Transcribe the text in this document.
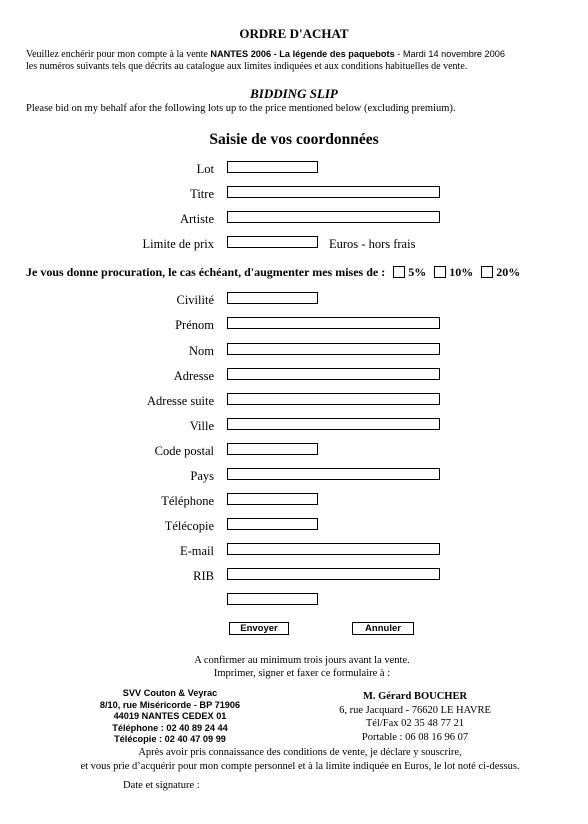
ORDRE D'ACHAT
Veuillez enchérir pour mon compte à la vente NANTES 2006 - La légende des paquebots - Mardi 14 novembre 2006
les numéros suivants tels que décrits au catalogue aux limites indiquées et aux conditions habituelles de vente.
BIDDING SLIP
Please bid on my behalf afor the following lots up to the price mentioned below (excluding premium).
Saisie de vos coordonnées
Lot
Titre
Artiste
Limite de prix	Euros - hors frais
Je vous donne procuration, le cas échéant, d'augmenter mes mises de : 5% 10% 20%
Civilité
Prénom
Nom
Adresse
Adresse suite
Ville
Code postal
Pays
Téléphone
Télécopie
E-mail
RIB
Envoyer	Annuler
A confirmer au minimum trois jours avant la vente.
Imprimer, signer et faxer ce formulaire à :
SVV Couton & Veyrac
8/10, rue Miséricorde - BP 71906
44019 NANTES CEDEX 01
Téléphone : 02 40 89 24 44
Télécopie : 02 40 47 09 99
M. Gérard BOUCHER
6, rue Jacquard - 76620 LE HAVRE
Tél/Fax 02 35 48 77 21
Portable : 06 08 16 96 07
Après avoir pris connaissance des conditions de vente, je déclare y souscrire,
et vous prie d’acquérir pour mon compte personnel et à la limite indiquée en Euros, le lot noté ci-dessus.
Date et signature :
